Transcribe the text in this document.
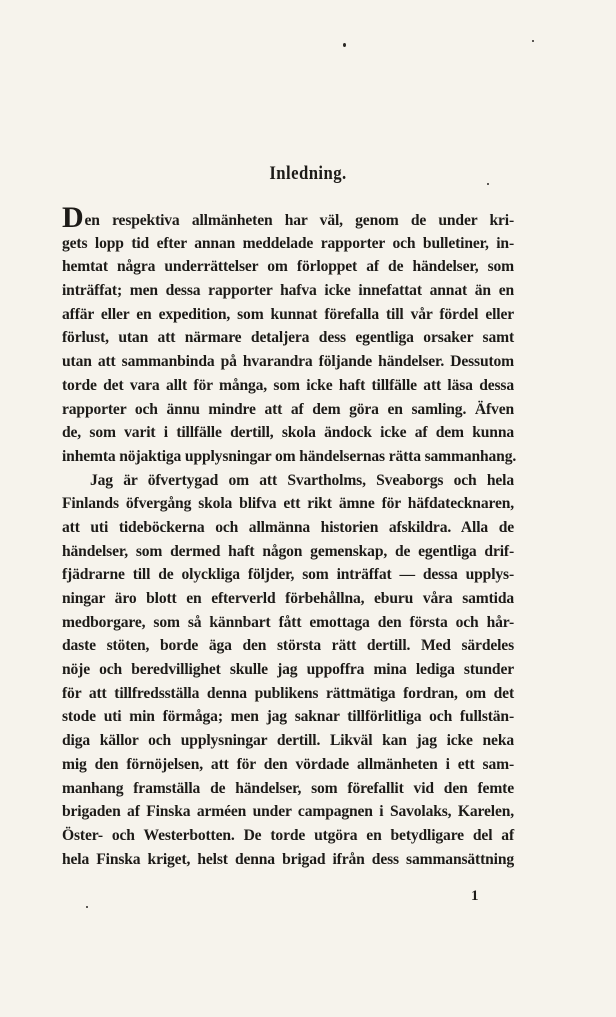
Inledning.
Den respektiva allmänheten har väl, genom de under kri-
gets lopp tid efter annan meddelade rapporter och bulletiner, in-
hemtat några underrättelser om förloppet af de händelser, som
inträffat; men dessa rapporter hafva icke innefattat annat än en
affär eller en expedition, som kunnat förefalla till vår fördel eller
förlust, utan att närmare detaljera dess egentliga orsaker samt
utan att sammanbinda på hvarandra följande händelser. Dessutom
torde det vara allt för många, som icke haft tillfälle att läsa dessa
rapporter och ännu mindre att af dem göra en samling. Äfven
de, som varit i tillfälle dertill, skola ändock icke af dem kunna
inhemta nöjaktiga upplysningar om händelsernas rätta sammanhang.
Jag är öfvertygad om att Svartholms, Sveaborgs och hela
Finlands öfvergång skola blifva ett rikt ämne för häfdatecknaren,
att uti tideböckerna och allmänna historien afskildra. Alla de
händelser, som dermed haft någon gemenskap, de egentliga drif-
fjädrarne till de olyckliga följder, som inträffat — dessa upplys-
ningar äro blott en efterverld förbehållna, eburu våra samtida
medborgare, som så kännbart fått emottaga den första och hår-
daste stöten, borde äga den största rätt dertill. Med särdeles
nöje och beredvillighet skulle jag uppoffra mina lediga stunder
för att tillfredsställa denna publikens rättmätiga fordran, om det
stode uti min förmåga; men jag saknar tillförlitliga och fullstän-
diga källor och upplysningar dertill. Likväl kan jag icke neka
mig den förnöjelsen, att för den vördade allmänheten i ett sam-
manhang framställa de händelser, som förefallit vid den femte
brigaden af Finska arméen under campagnen i Savolaks, Karelen,
Öster- och Westerbotten. De torde utgöra en betydligare del af
hela Finska kriget, helst denna brigad ifrån dess sammansättning
1
